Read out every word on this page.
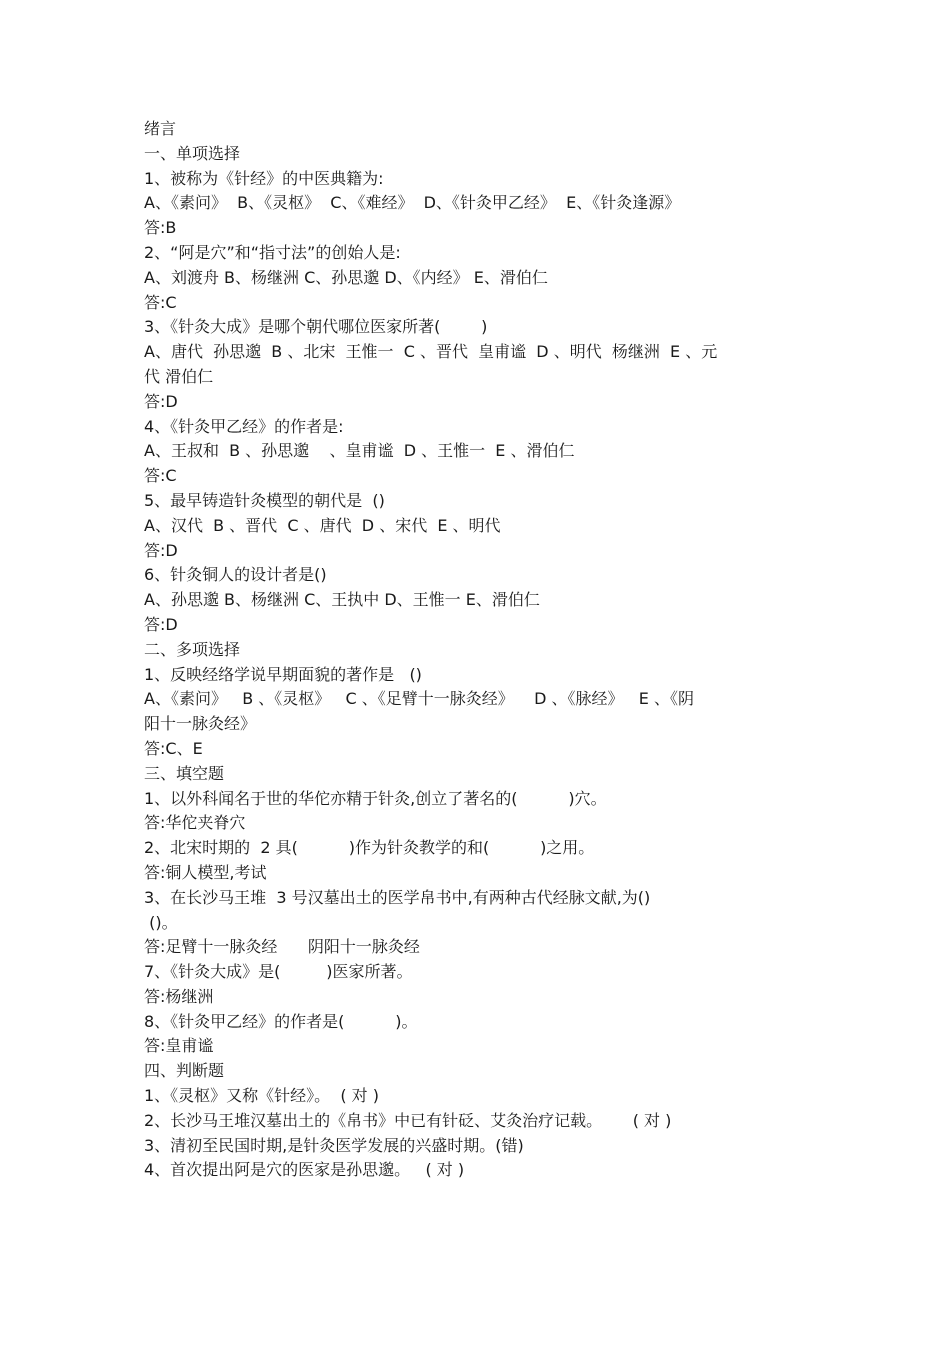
绪言
一、单项选择
1、被称为《针经》的中医典籍为:
A、《素问》  B、《灵枢》  C、《难经》  D、《针灸甲乙经》  E、《针灸逢源》
答:B
2、“阿是穴”和“指寸法”的创始人是:
A、刘渡舟 B、杨继洲 C、孙思邈 D、《内经》 E、滑伯仁
答:C
3、《针灸大成》是哪个朝代哪位医家所著(        )
A、唐代  孙思邈  B 、北宋  王惟一  C 、晋代  皇甫谧  D 、明代  杨继洲  E 、元
代 滑伯仁
答:D
4、《针灸甲乙经》的作者是:
A、王叔和  B 、孙思邈    、皇甫谧  D 、王惟一  E 、滑伯仁
答:C
5、最早铸造针灸模型的朝代是  ()
A、汉代  B 、晋代  C 、唐代  D 、宋代  E 、明代
答:D
6、针灸铜人的设计者是()
A、孙思邈 B、杨继洲 C、王执中 D、王惟一 E、滑伯仁
答:D
二、多项选择
1、反映经络学说早期面貌的著作是   ()
A、《素问》   B 、《灵枢》   C 、《足臂十一脉灸经》    D 、《脉经》   E 、《阴
阳十一脉灸经》
答:C、E
三、填空题
1、以外科闻名于世的华佗亦精于针灸,创立了著名的(          )穴。
答:华佗夹脊穴
2、北宋时期的  2 具(          )作为针灸教学的和(          )之用。
答:铜人模型,考试
3、在长沙马王堆  3 号汉墓出土的医学帛书中,有两种古代经脉文献,为()
()。
答:足臂十一脉灸经      阴阳十一脉灸经
7、《针灸大成》是(         )医家所著。
答:杨继洲
8、《针灸甲乙经》的作者是(          )。
答:皇甫谧
四、判断题
1、《灵枢》又称《针经》。  ( 对 )
2、长沙马王堆汉墓出土的《帛书》中已有针砭、艾灸治疗记载。      ( 对 )
3、清初至民国时期,是针灸医学发展的兴盛时期。(错)
4、首次提出阿是穴的医家是孙思邈。   ( 对 )
